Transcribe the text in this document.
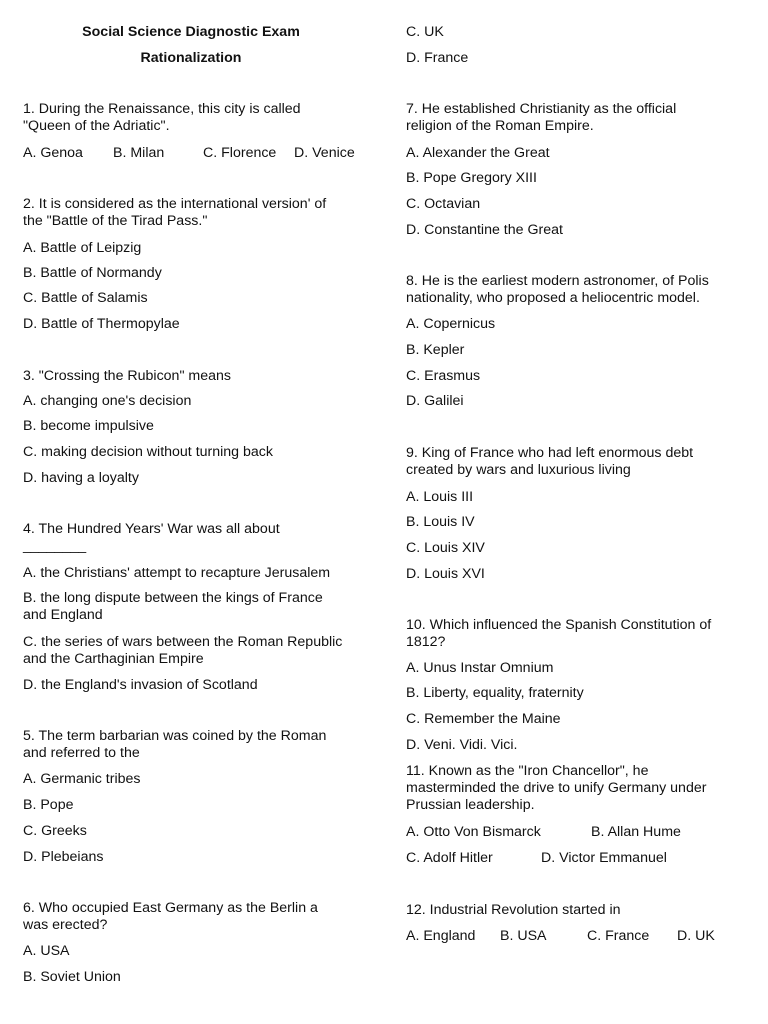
Social Science Diagnostic Exam
Rationalization
1. During the Renaissance, this city is called
"Queen of the Adriatic".
A. Genoa	B. Milan	C. Florence	D. Venice
2. It is considered as the international version' of
the "Battle of the Tirad Pass."
A. Battle of Leipzig
B. Battle of Normandy
C. Battle of Salamis
D. Battle of Thermopylae
3. "Crossing the Rubicon" means
A. changing one's decision
B. become impulsive
C. making decision without turning back
D. having a loyalty
4. The Hundred Years' War was all about
________
A. the Christians' attempt to recapture Jerusalem
B. the long dispute between the kings of France
and England
C. the series of wars between the Roman Republic
and the Carthaginian Empire
D. the England's invasion of Scotland
5. The term barbarian was coined by the Roman
and referred to the
A. Germanic tribes
B. Pope
C. Greeks
D. Plebeians
6. Who occupied East Germany as the Berlin a
was erected?
A. USA
B. Soviet Union
C. UK
D. France
7. He established Christianity as the official
religion of the Roman Empire.
A. Alexander the Great
B. Pope Gregory XIII
C. Octavian
D. Constantine the Great
8. He is the earliest modern astronomer, of Polis
nationality, who proposed a heliocentric model.
A. Copernicus
B. Kepler
C. Erasmus
D. Galilei
9. King of France who had left enormous debt
created by wars and luxurious living
A. Louis III
B. Louis IV
C. Louis XIV
D. Louis XVI
10. Which influenced the Spanish Constitution of
1812?
A. Unus Instar Omnium
B. Liberty, equality, fraternity
C. Remember the Maine
D. Veni. Vidi. Vici.
11. Known as the "Iron Chancellor", he
masterminded the drive to unify Germany under
Prussian leadership.
A. Otto Von Bismarck	B. Allan Hume
C. Adolf Hitler	D. Victor Emmanuel
12. Industrial Revolution started in
A. England	B. USA	C. France	D. UK
